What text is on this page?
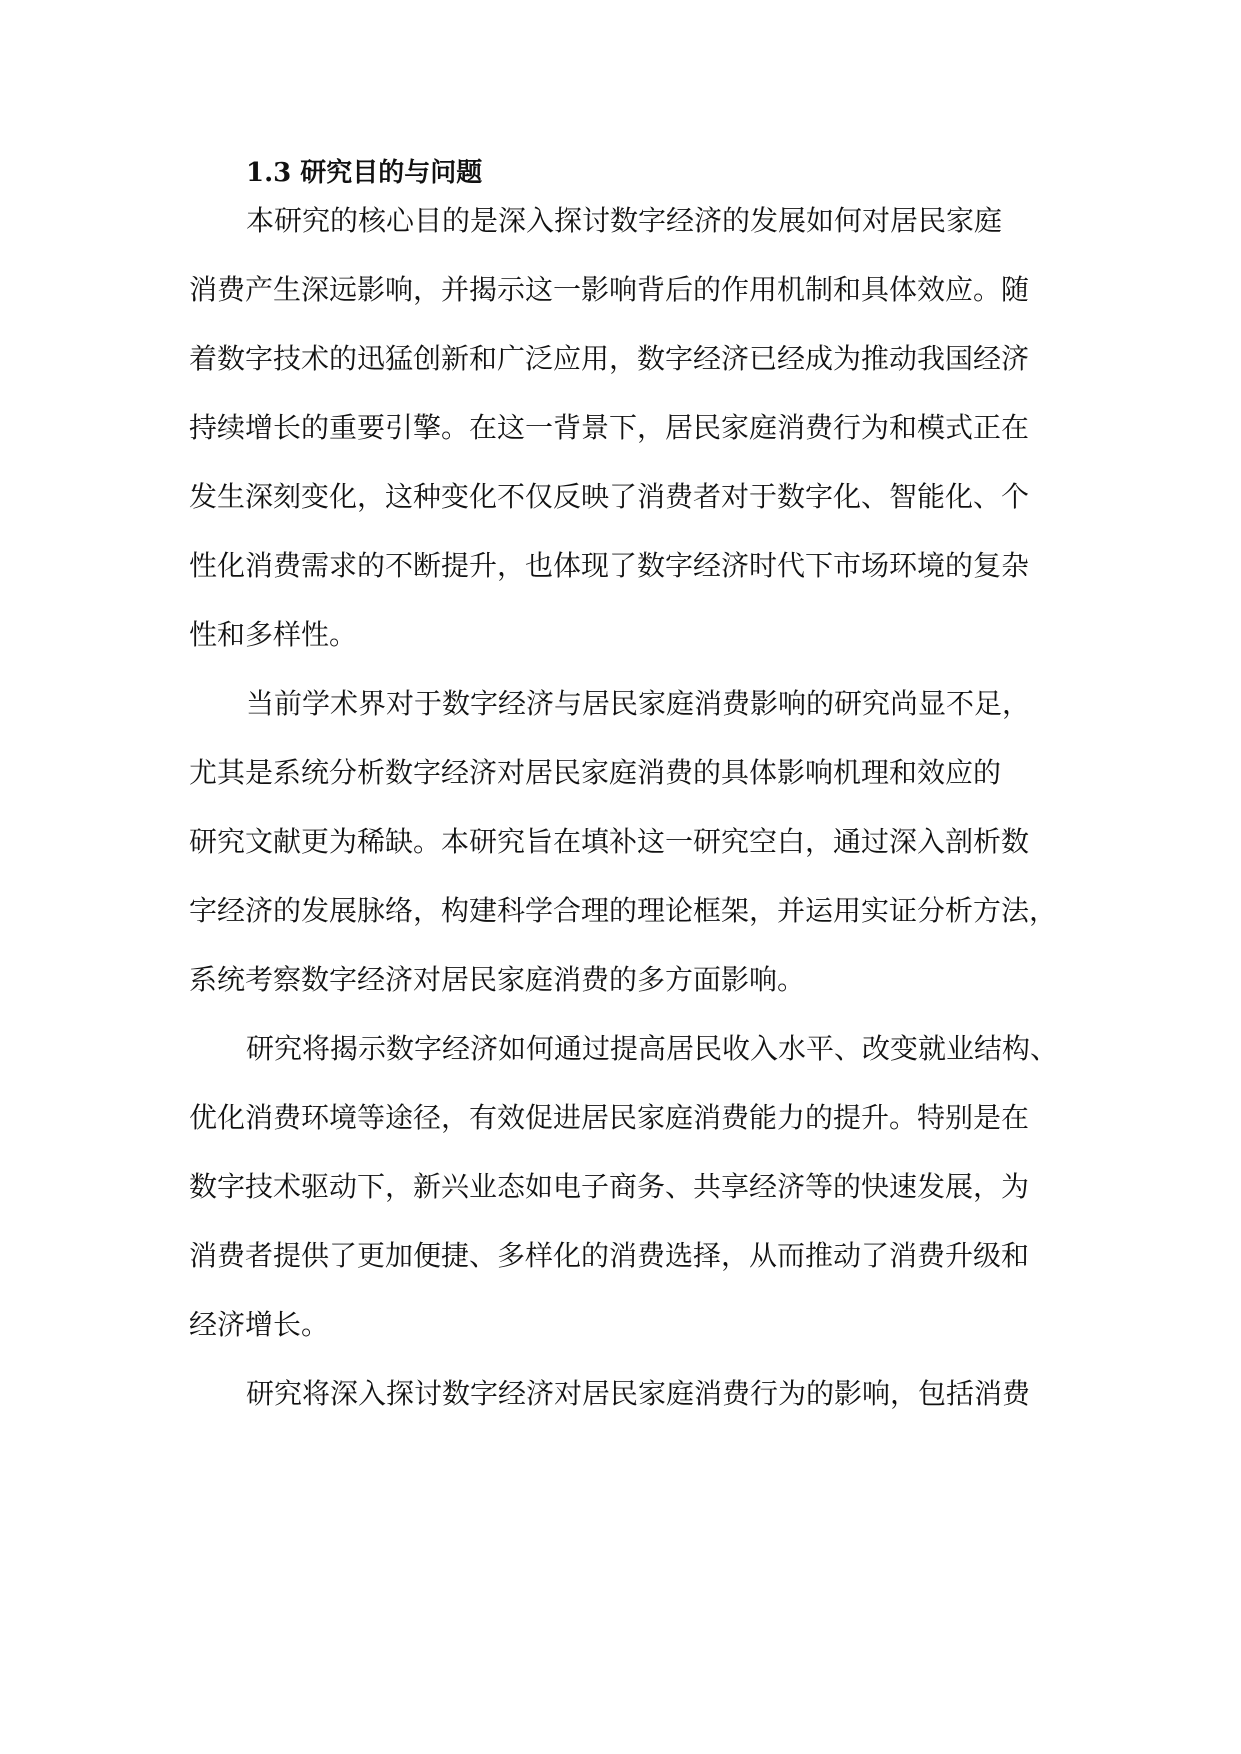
1.3 研究目的与问题
本研究的核心目的是深入探讨数字经济的发展如何对居民家庭
消费产生深远影响，并揭示这一影响背后的作用机制和具体效应。随
着数字技术的迅猛创新和广泛应用，数字经济已经成为推动我国经济
持续增长的重要引擎。在这一背景下，居民家庭消费行为和模式正在
发生深刻变化，这种变化不仅反映了消费者对于数字化、智能化、个
性化消费需求的不断提升，也体现了数字经济时代下市场环境的复杂
性和多样性。
当前学术界对于数字经济与居民家庭消费影响的研究尚显不足，
尤其是系统分析数字经济对居民家庭消费的具体影响机理和效应的
研究文献更为稀缺。本研究旨在填补这一研究空白，通过深入剖析数
字经济的发展脉络，构建科学合理的理论框架，并运用实证分析方法，
系统考察数字经济对居民家庭消费的多方面影响。
研究将揭示数字经济如何通过提高居民收入水平、改变就业结构、
优化消费环境等途径，有效促进居民家庭消费能力的提升。特别是在
数字技术驱动下，新兴业态如电子商务、共享经济等的快速发展，为
消费者提供了更加便捷、多样化的消费选择，从而推动了消费升级和
经济增长。
研究将深入探讨数字经济对居民家庭消费行为的影响，包括消费
